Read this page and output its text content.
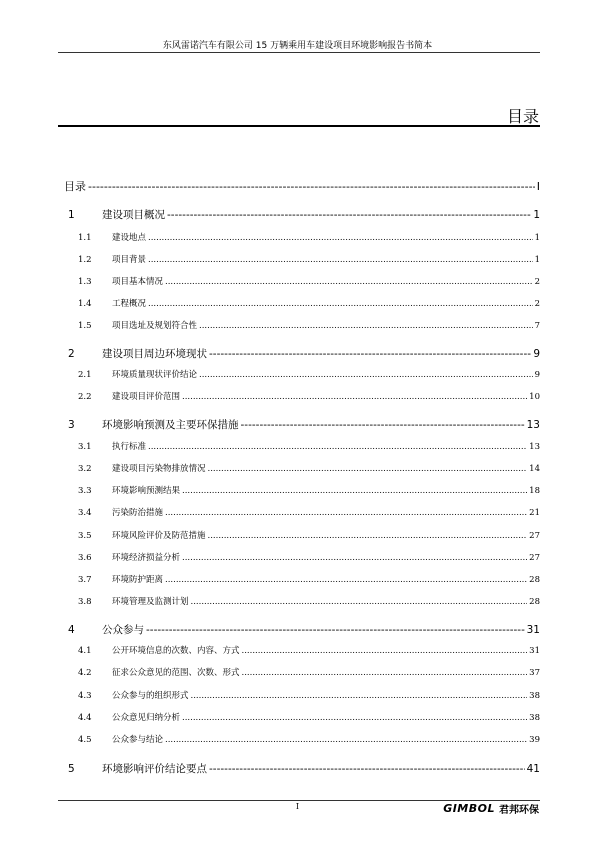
东风雷诺汽车有限公司 15 万辆乘用车建设项目环境影响报告书简本
目录
目录 -----	I
1	建设项目概况 -----	1
1.1	建设地点 .....	1
1.2	项目背景 .....	1
1.3	项目基本情况 .....	2
1.4	工程概况 .....	2
1.5	项目选址及规划符合性 .....	7
2	建设项目周边环境现状 -----	9
2.1	环境质量现状评价结论 .....	9
2.2	建设项目评价范围 .....	10
3	环境影响预测及主要环保措施 -----	13
3.1	执行标准 .....	13
3.2	建设项目污染物排放情况 .....	14
3.3	环境影响预测结果 .....	18
3.4	污染防治措施 .....	21
3.5	环境风险评价及防范措施 .....	27
3.6	环境经济损益分析 .....	27
3.7	环境防护距离 .....	28
3.8	环境管理及监测计划 .....	28
4	公众参与 -----	31
4.1	公开环境信息的次数、内容、方式 .....	31
4.2	征求公众意见的范围、次数、形式 .....	37
4.3	公众参与的组织形式 .....	38
4.4	公众意见归纳分析 .....	38
4.5	公众参与结论 .....	39
5	环境影响评价结论要点 -----	41
I	GIMBOL 君邦环保
